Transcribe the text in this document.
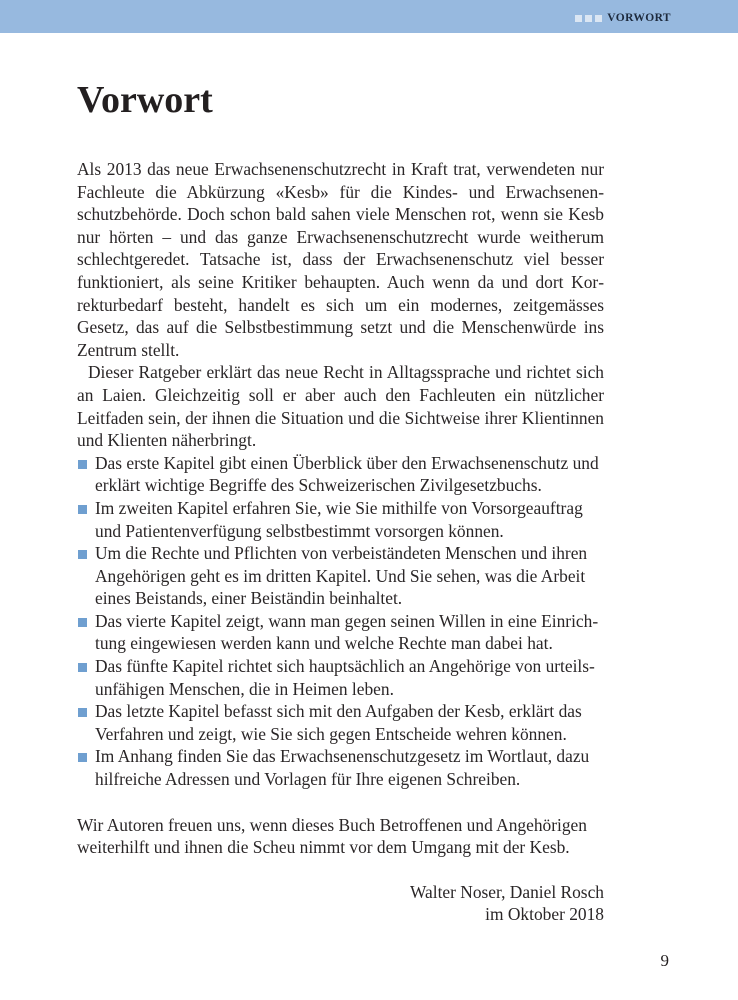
VORWORT
Vorwort

Als 2013 das neue Erwachsenenschutzrecht in Kraft trat, verwendeten nur Fachleute die Abkürzung «Kesb» für die Kindes- und Erwachsenenschutzbehörde. Doch schon bald sahen viele Menschen rot, wenn sie Kesb nur hörten – und das ganze Erwachsenenschutzrecht wurde weitherum schlechtgeredet. Tatsache ist, dass der Erwachsenenschutz viel besser funktioniert, als seine Kritiker behaupten. Auch wenn da und dort Korrekturbedarf besteht, handelt es sich um ein modernes, zeitgemässes Gesetz, das auf die Selbstbestimmung setzt und die Menschenwürde ins Zentrum stellt.

Dieser Ratgeber erklärt das neue Recht in Alltagssprache und richtet sich an Laien. Gleichzeitig soll er aber auch den Fachleuten ein nützlicher Leitfaden sein, der ihnen die Situation und die Sichtweise ihrer Klientinnen und Klienten näherbringt.

Das erste Kapitel gibt einen Überblick über den Erwachsenenschutz und erklärt wichtige Begriffe des Schweizerischen Zivilgesetzbuchs.
Im zweiten Kapitel erfahren Sie, wie Sie mithilfe von Vorsorgeauftrag und Patientenverfügung selbstbestimmt vorsorgen können.
Um die Rechte und Pflichten von verbeiständeten Menschen und ihren Angehörigen geht es im dritten Kapitel. Und Sie sehen, was die Arbeit eines Beistands, einer Beiständin beinhaltet.
Das vierte Kapitel zeigt, wann man gegen seinen Willen in eine Einrichtung eingewiesen werden kann und welche Rechte man dabei hat.
Das fünfte Kapitel richtet sich hauptsächlich an Angehörige von urteilsunfähigen Menschen, die in Heimen leben.
Das letzte Kapitel befasst sich mit den Aufgaben der Kesb, erklärt das Verfahren und zeigt, wie Sie sich gegen Entscheide wehren können.
Im Anhang finden Sie das Erwachsenenschutzgesetz im Wortlaut, dazu hilfreiche Adressen und Vorlagen für Ihre eigenen Schreiben.

Wir Autoren freuen uns, wenn dieses Buch Betroffenen und Angehörigen weiterhilft und ihnen die Scheu nimmt vor dem Umgang mit der Kesb.

Walter Noser, Daniel Rosch
im Oktober 2018
9
